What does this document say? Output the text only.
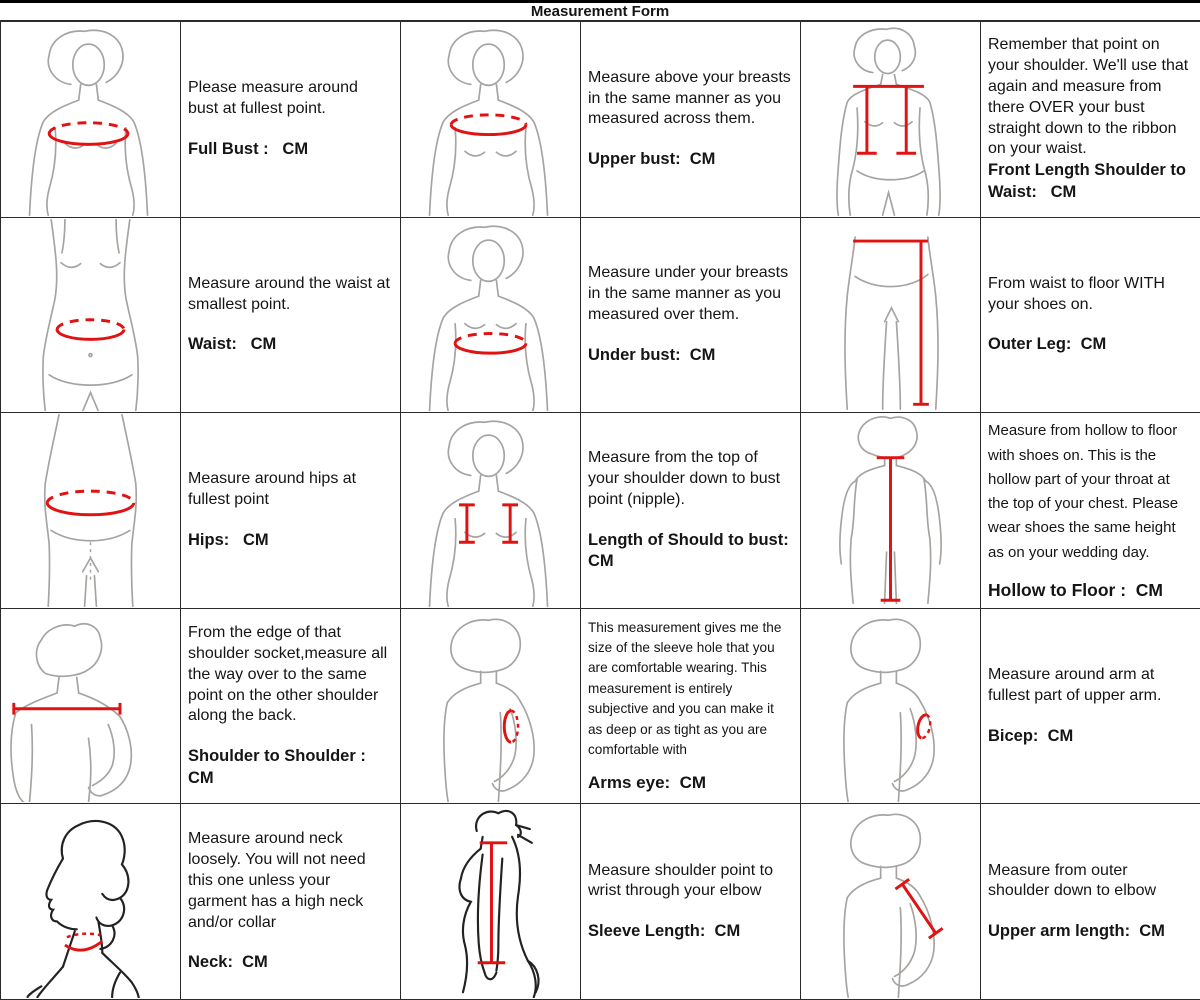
Measurement Form

Please measure around bust at fullest point.

Full Bust :   CM

Measure above your breasts in the same manner as you measured across them.

Upper bust:  CM

Remember that point on your shoulder. We'll use that again and measure from there OVER your bust straight down to the ribbon on your waist.

Front Length Shoulder to Waist:   CM

Measure around the waist at smallest point.

Waist:   CM

Measure under your breasts in the same manner as you measured over them.

Under bust:  CM

From waist to floor WITH your shoes on.

Outer Leg:  CM

Measure around hips at fullest point

Hips:   CM

Measure from the top of your shoulder down to bust point (nipple).

Length of Should to bust:  CM

Measure from hollow to floor with shoes on. This is the hollow part of your throat at the top of your chest. Please wear shoes the same height as on your wedding day.

Hollow to Floor :  CM

From the edge of that shoulder socket,measure all the way over to the same point on the other shoulder along the back.

Shoulder to Shoulder : CM

This measurement gives me the size of the sleeve hole that you are comfortable wearing. This measurement is entirely subjective and you can make it as deep or as tight as you are comfortable with

Arms eye:  CM

Measure around arm at fullest part of upper arm.

Bicep:  CM

Measure around neck loosely. You will not need this one unless your garment has a high neck and/or collar

Neck:  CM

Measure shoulder point to wrist through your elbow

Sleeve Length:  CM

Measure from outer shoulder down to elbow

Upper arm length:  CM
